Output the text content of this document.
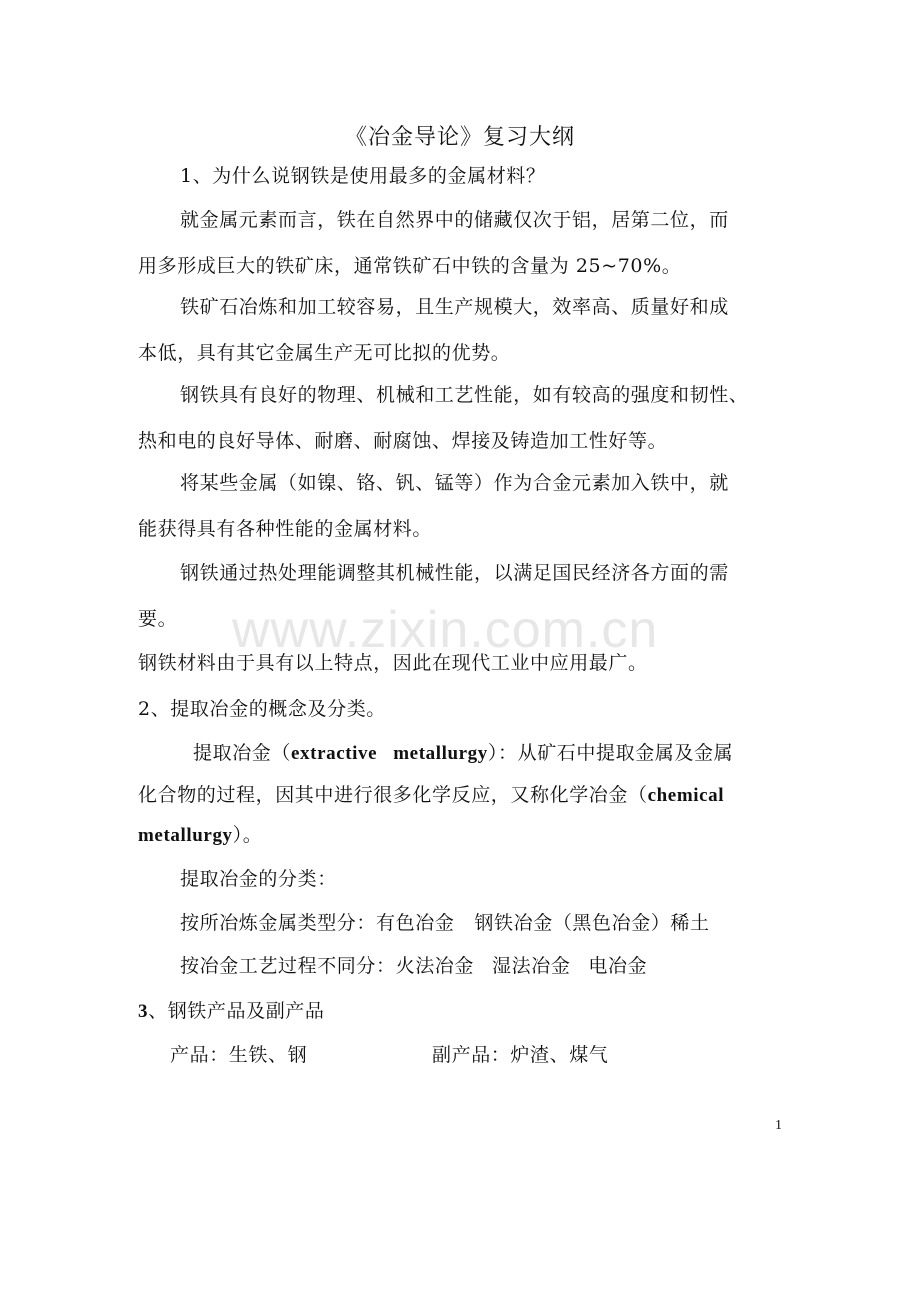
www.zixin.com.cn
《冶金导论》复习大纲
1、为什么说钢铁是使用最多的金属材料？
就金属元素而言，铁在自然界中的储藏仅次于铝，居第二位，而
用多形成巨大的铁矿床，通常铁矿石中铁的含量为 25~70%。
铁矿石冶炼和加工较容易，且生产规模大，效率高、质量好和成
本低，具有其它金属生产无可比拟的优势。
钢铁具有良好的物理、机械和工艺性能，如有较高的强度和韧性、
热和电的良好导体、耐磨、耐腐蚀、焊接及铸造加工性好等。
将某些金属（如镍、铬、钒、锰等）作为合金元素加入铁中，就
能获得具有各种性能的金属材料。
钢铁通过热处理能调整其机械性能，以满足国民经济各方面的需
要。
钢铁材料由于具有以上特点，因此在现代工业中应用最广。
2、提取冶金的概念及分类。
提取冶金（extractive   metallurgy）：从矿石中提取金属及金属
化合物的过程，因其中进行很多化学反应，又称化学冶金（chemical
metallurgy）。
提取冶金的分类：
按所冶炼金属类型分：有色冶金 钢铁冶金（黑色冶金）稀土
按冶金工艺过程不同分：火法冶金 湿法冶金 电冶金
3、钢铁产品及副产品
产品：生铁、钢	副产品：炉渣、煤气
1
